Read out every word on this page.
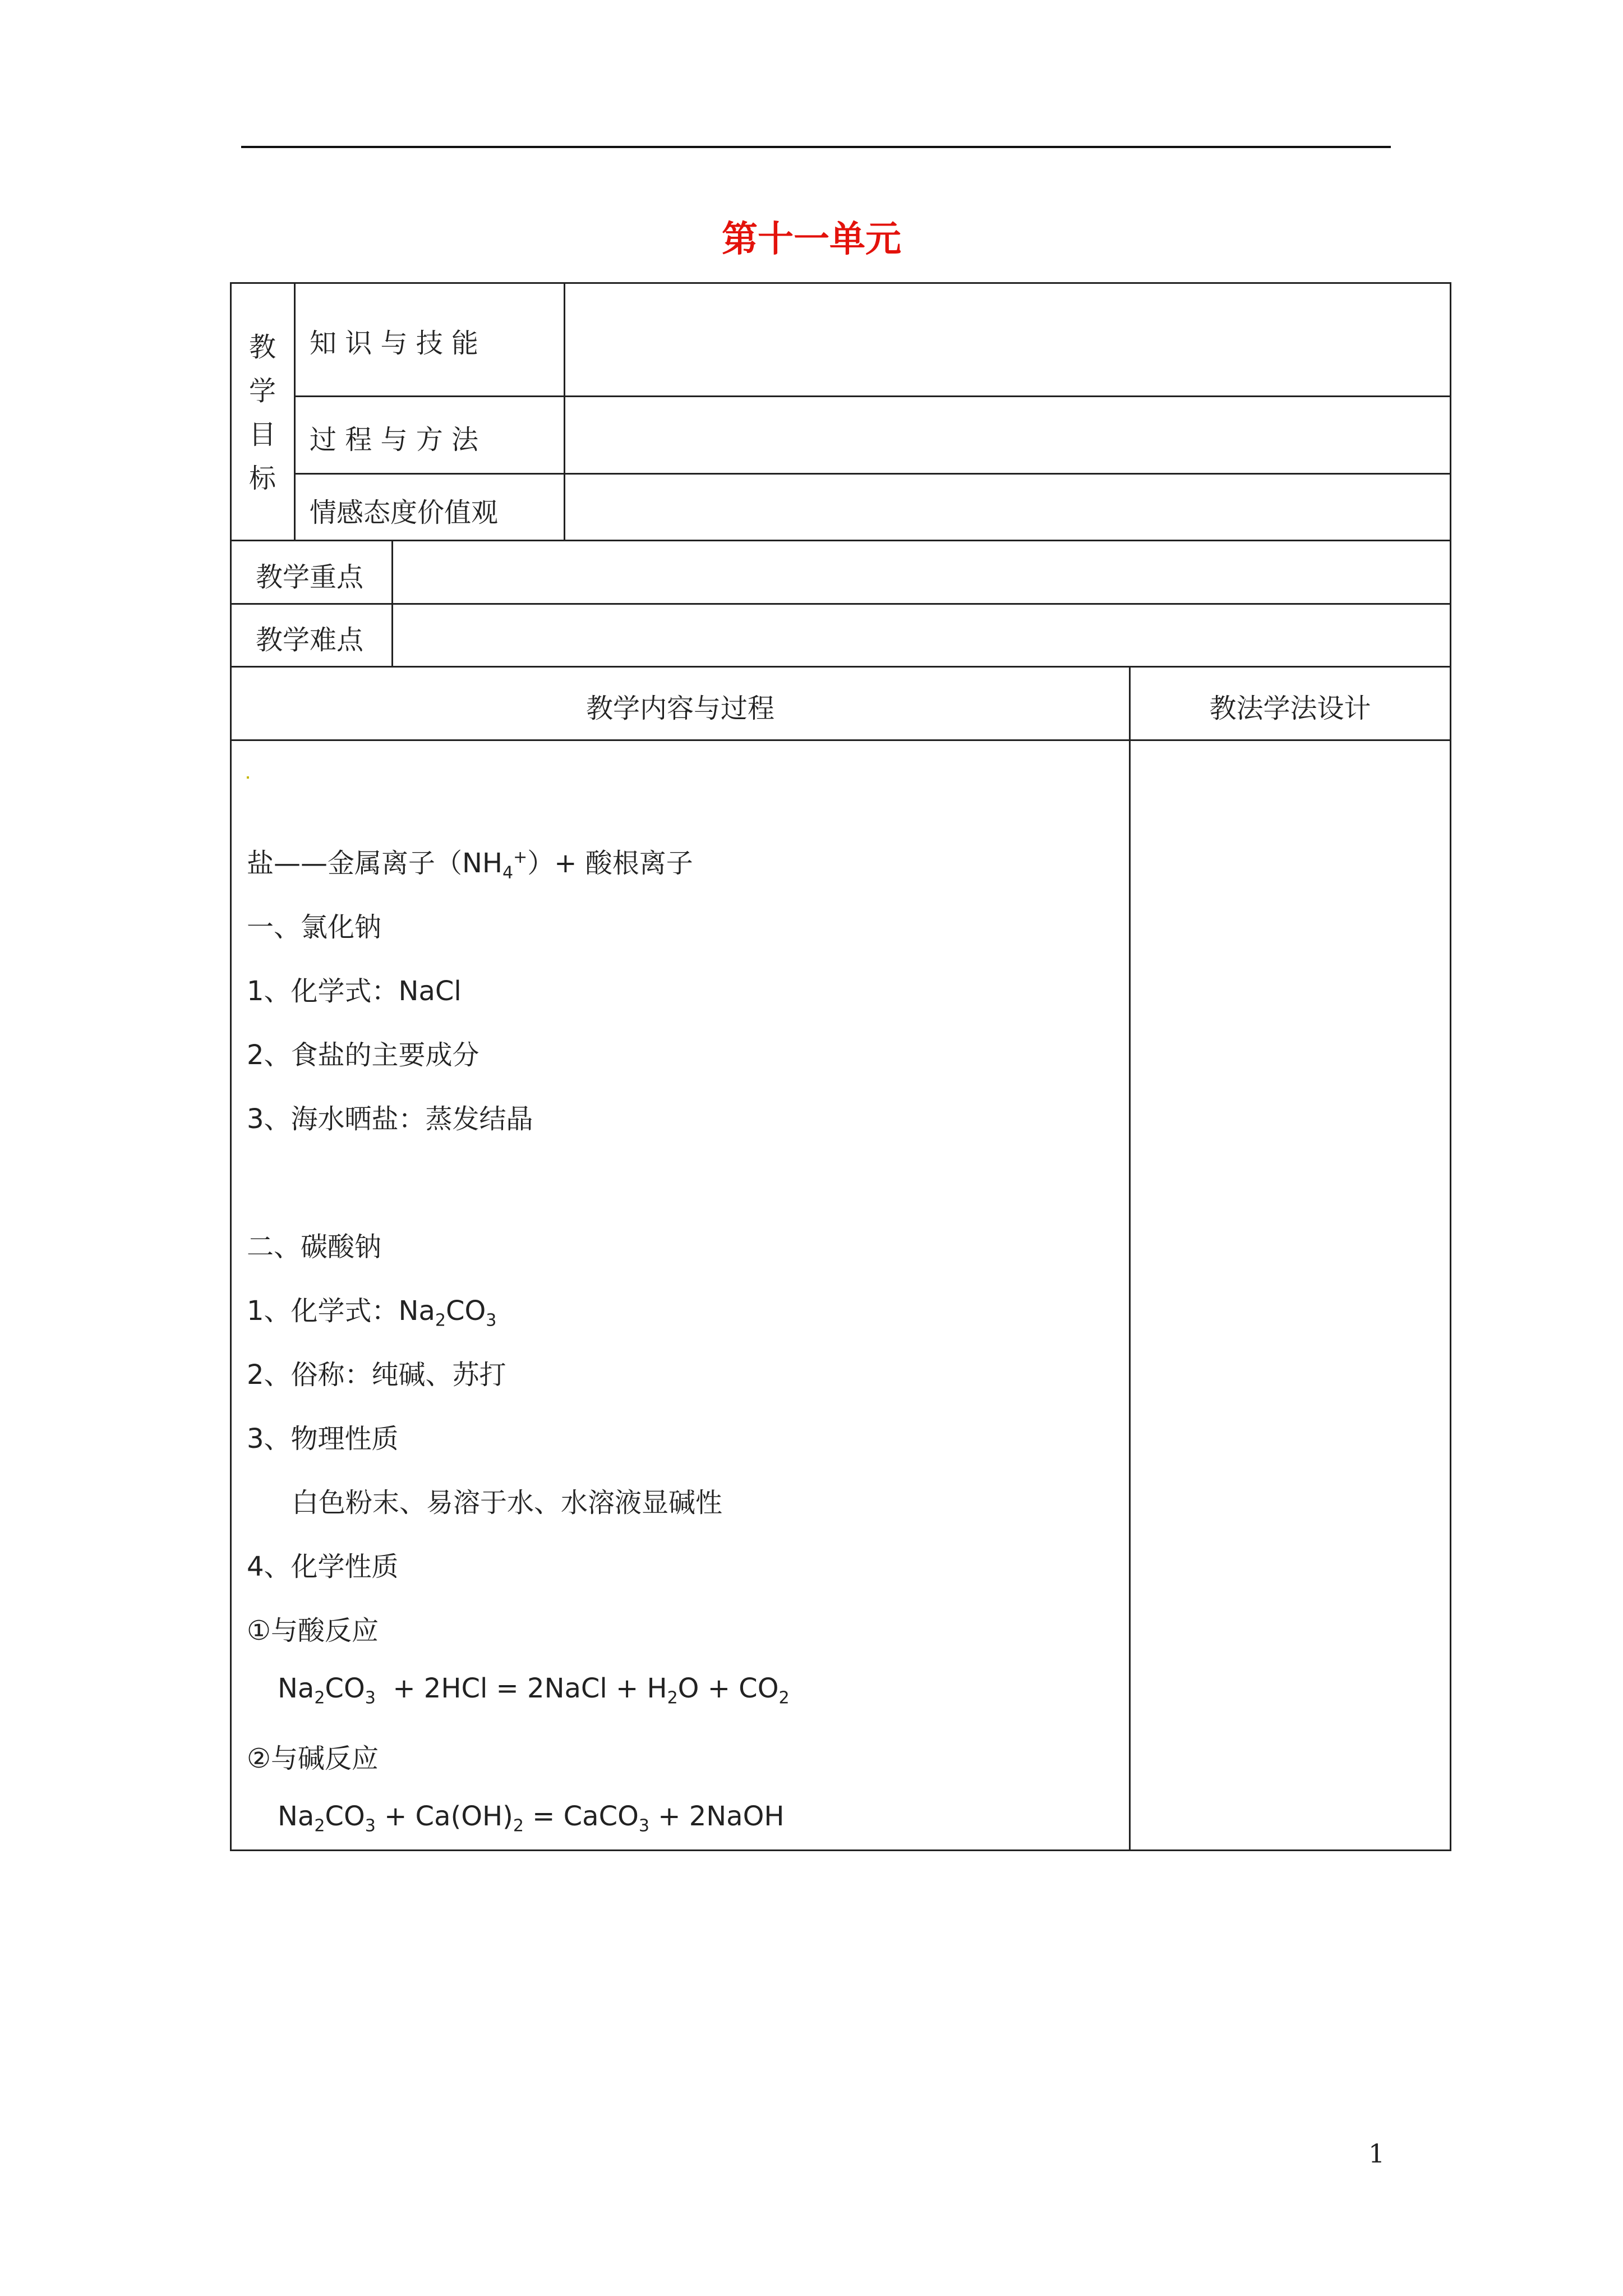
第十一单元
教
学
目
标
知 识 与 技 能
过 程 与 方 法
情感态度价值观
教学重点
教学难点
教学内容与过程	教法学法设计
盐——金属离子$(NH_4^+)+$ 酸根离子
一、氯化钠
1、化学式：NaCl
2、食盐的主要成分
3、海水晒盐：蒸发结晶
二、碳酸钠
1、化学式：$Na_2CO_3$
2、俗称：纯碱、苏打
3、物理性质
白色粉末、易溶于水、水溶液显碱性
4、化学性质
①与酸反应
$Na_2CO_3 + 2HCl$ = 2NaCl + $H_2O + CO_2$
②与碱反应
$Na_2CO_3 + Ca(OH)_2$ = CaCO$_3$ + 2NaOH
1
